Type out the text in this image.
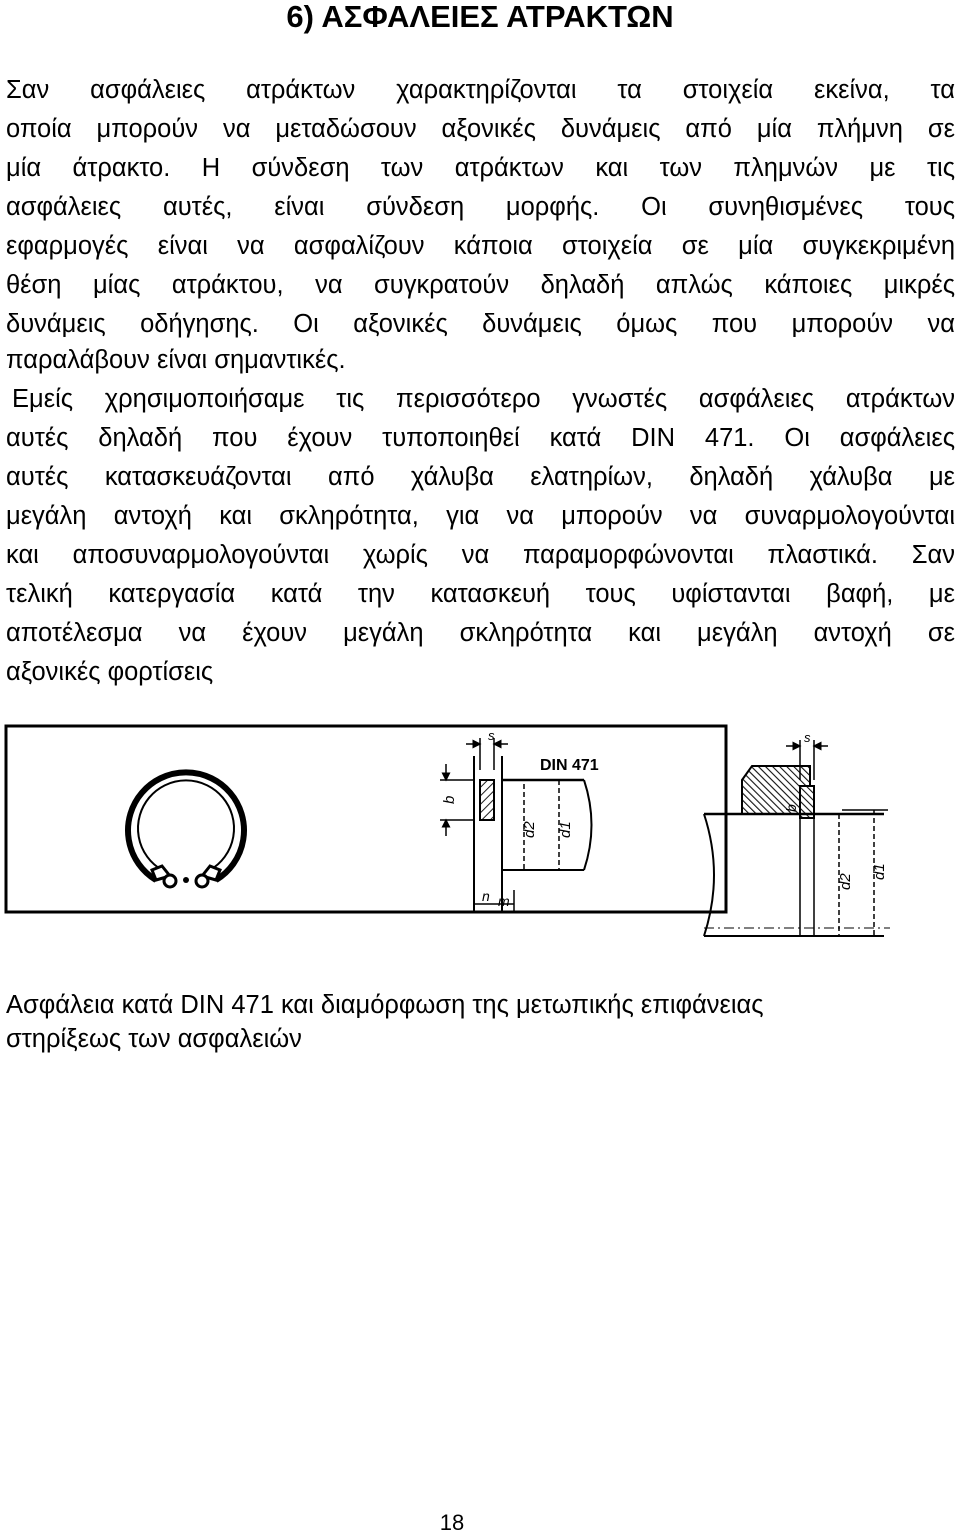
6) ΑΣΦΑΛΕΙΕΣ ΑΤΡΑΚΤΩΝ
Σαν ασφάλειες ατράκτων χαρακτηρίζονται τα στοιχεία εκείνα, τα
οποία μπορούν να μεταδώσουν αξονικές δυνάμεις από μία πλήμνη σε
μία άτρακτο. Η σύνδεση των ατράκτων και των πλημνών με τις
ασφάλειες αυτές, είναι σύνδεση μορφής. Οι συνηθισμένες τους
εφαρμογές είναι να ασφαλίζουν κάποια στοιχεία σε μία συγκεκριμένη
θέση μίας ατράκτου, να συγκρατούν δηλαδή απλώς κάποιες μικρές
δυνάμεις οδήγησης. Οι αξονικές δυνάμεις όμως που μπορούν να
παραλάβουν είναι σημαντικές.
Εμείς χρησιμοποιήσαμε τις περισσότερο γνωστές ασφάλειες ατράκτων
αυτές δηλαδή που έχουν τυποποιηθεί κατά DIN 471. Οι ασφάλειες
αυτές κατασκευάζονται από χάλυβα ελατηρίων, δηλαδή χάλυβα με
μεγάλη αντοχή και σκληρότητα, για να μπορούν να συναρμολογούνται
και αποσυναρμολογούνται χωρίς να παραμορφώνονται πλαστικά. Σαν
τελική κατεργασία κατά την κατασκευή τους υφίστανται βαφή, με
αποτέλεσμα να έχουν μεγάλη σκληρότητα και μεγάλη αντοχή σε
αξονικές φορτίσεις
s
b
d2 d1
n m
DIN 471
s
b
d2
d1
Ασφάλεια κατά DIN 471 και διαμόρφωση της μετωπικής επιφάνειας
στηρίξεως των ασφαλειών
18
